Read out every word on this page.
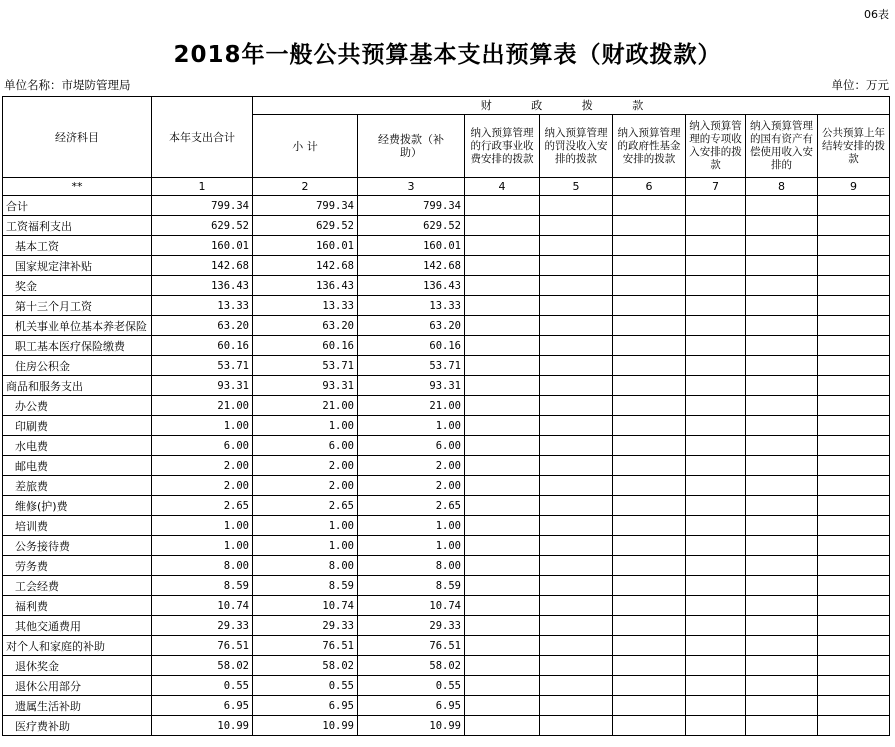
06表
2018年一般公共预算基本支出预算表（财政拨款）
单位名称：市堤防管理局	单位：万元
经济科目	本年支出合计	财 政 拨 款							
		小 计	经费拨款（补助）	纳入预算管理的行政事业收费安排的拨款	纳入预算管理的罚没收入安排的拨款	纳入预算管理的政府性基金安排的拨款	纳入预算管理的专项收入安排的拨款	纳入预算管理的国有资产有偿使用收入安排的	公共预算上年结转安排的拨款

**	1	2	3	4	5	6	7	8	9
合计	799.34	799.34	799.34						
工资福利支出	629.52	629.52	629.52						
基本工资	160.01	160.01	160.01						
国家规定津补贴	142.68	142.68	142.68						
奖金	136.43	136.43	136.43						
第十三个月工资	13.33	13.33	13.33						
机关事业单位基本养老保险	63.20	63.20	63.20						
职工基本医疗保险缴费	60.16	60.16	60.16						
住房公积金	53.71	53.71	53.71						
商品和服务支出	93.31	93.31	93.31						
办公费	21.00	21.00	21.00						
印刷费	1.00	1.00	1.00						
水电费	6.00	6.00	6.00						
邮电费	2.00	2.00	2.00						
差旅费	2.00	2.00	2.00						
维修(护)费	2.65	2.65	2.65						
培训费	1.00	1.00	1.00						
公务接待费	1.00	1.00	1.00						
劳务费	8.00	8.00	8.00						
工会经费	8.59	8.59	8.59						
福利费	10.74	10.74	10.74						
其他交通费用	29.33	29.33	29.33						
对个人和家庭的补助	76.51	76.51	76.51						
退休奖金	58.02	58.02	58.02						
退休公用部分	0.55	0.55	0.55						
遗属生活补助	6.95	6.95	6.95						
医疗费补助	10.99	10.99	10.99						
